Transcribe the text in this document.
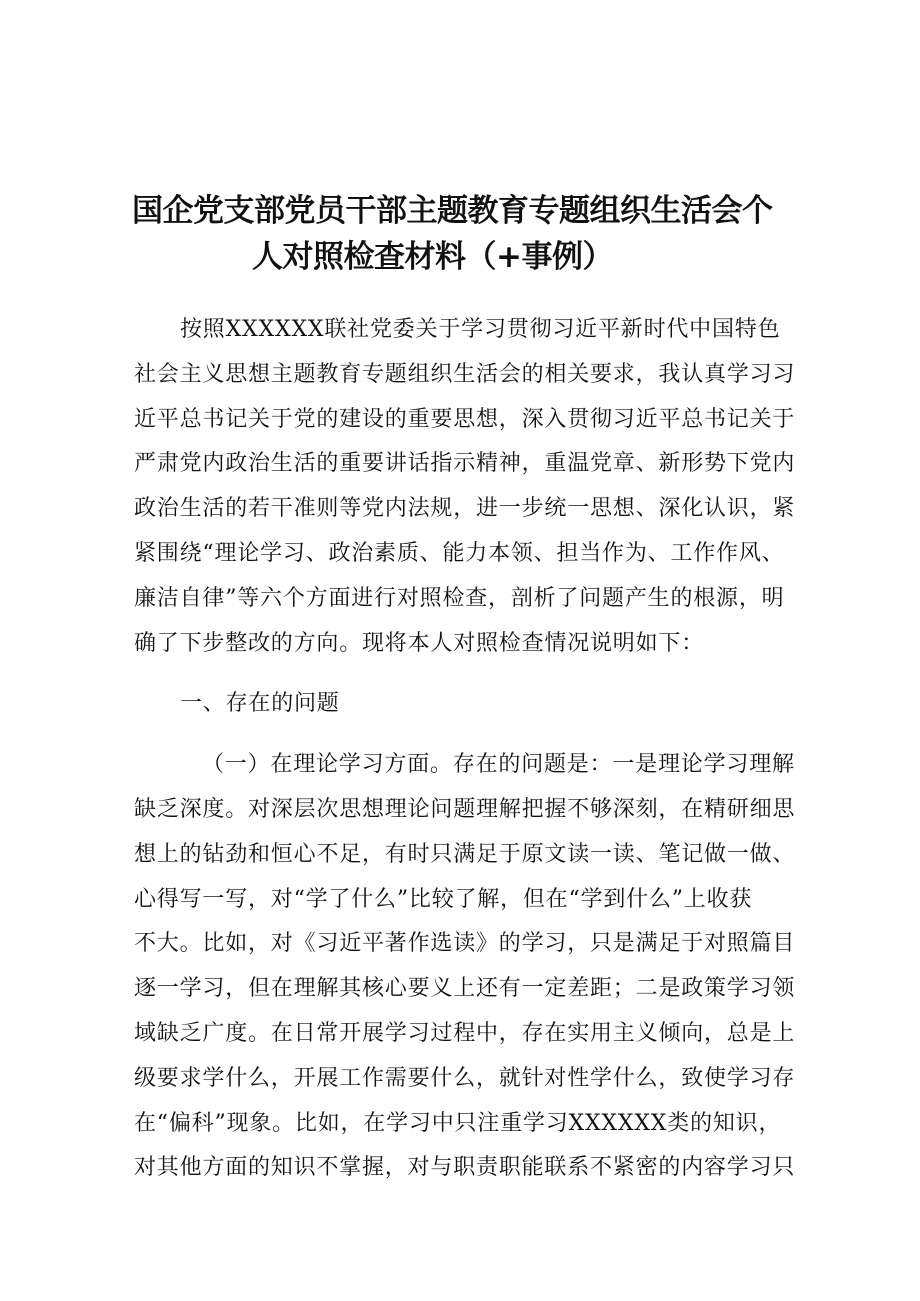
国企党支部党员干部主题教育专题组织生活会个
人对照检查材料（+事例）
按照XXXXXX联社党委关于学习贯彻习近平新时代中国特色
社会主义思想主题教育专题组织生活会的相关要求，我认真学习习
近平总书记关于党的建设的重要思想，深入贯彻习近平总书记关于
严肃党内政治生活的重要讲话指示精神，重温党章、新形势下党内
政治生活的若干准则等党内法规，进一步统一思想、深化认识，紧
紧围绕“理论学习、政治素质、能力本领、担当作为、工作作风、
廉洁自律”等六个方面进行对照检查，剖析了问题产生的根源，明
确了下步整改的方向。现将本人对照检查情况说明如下：
一、存在的问题
（一）在理论学习方面。存在的问题是：一是理论学习理解
缺乏深度。对深层次思想理论问题理解把握不够深刻，在精研细思
想上的钻劲和恒心不足，有时只满足于原文读一读、笔记做一做、
心得写一写，对“学了什么”比较了解，但在“学到什么”上收获
不大。比如，对《习近平著作选读》的学习，只是满足于对照篇目
逐一学习，但在理解其核心要义上还有一定差距；二是政策学习领
域缺乏广度。在日常开展学习过程中，存在实用主义倾向，总是上
级要求学什么，开展工作需要什么，就针对性学什么，致使学习存
在“偏科”现象。比如，在学习中只注重学习XXXXXX类的知识，
对其他方面的知识不掌握，对与职责职能联系不紧密的内容学习只
